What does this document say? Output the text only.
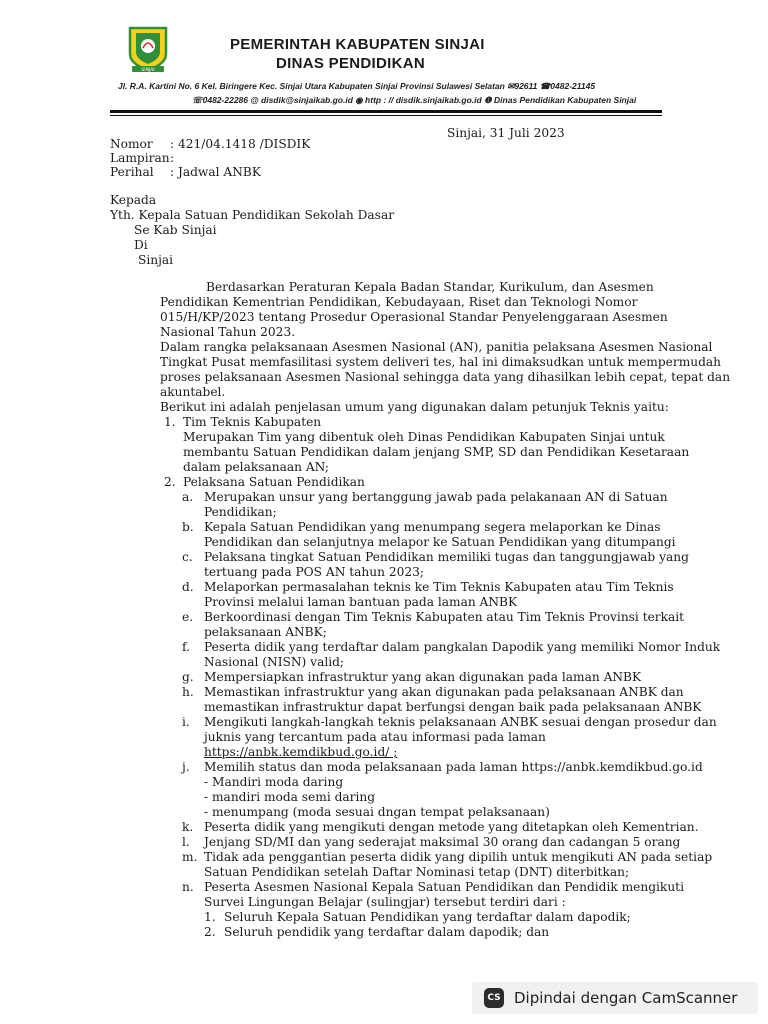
SINJAI
PEMERINTAH KABUPATEN SINJAI
DINAS PENDIDIKAN
Jl. R.A. Kartini No. 6 Kel. Biringere Kec. Sinjai Utara Kabupaten Sinjai Provinsi Sulawesi Selatan ✉92611 ☎0482-21145
☏0482-22286 @ disdik@sinjaikab.go.id ◉ http : // disdik.sinjaikab.go.id ❶ Dinas Pendidikan Kabupaten Sinjai
Sinjai, 31 Juli 2023
Nomor : 421/04.1418 /DISDIK
Lampiran :
Perihal : Jadwal ANBK
Kepada
Yth. Kepala Satuan Pendidikan Sekolah Dasar
Se Kab Sinjai
Di
Sinjai
Berdasarkan Peraturan Kepala Badan Standar, Kurikulum, dan Asesmen
Pendidikan Kementrian Pendidikan, Kebudayaan, Riset dan Teknologi Nomor
015/H/KP/2023 tentang Prosedur Operasional Standar Penyelenggaraan Asesmen
Nasional Tahun 2023.
Dalam rangka pelaksanaan Asesmen Nasional (AN), panitia pelaksana Asesmen Nasional
Tingkat Pusat memfasilitasi system deliveri tes, hal ini dimaksudkan untuk mempermudah
proses pelaksanaan Asesmen Nasional sehingga data yang dihasilkan lebih cepat, tepat dan
akuntabel.
Berikut ini adalah penjelasan umum yang digunakan dalam petunjuk Teknis yaitu:
1. Tim Teknis Kabupaten
Merupakan Tim yang dibentuk oleh Dinas Pendidikan Kabupaten Sinjai untuk
membantu Satuan Pendidikan dalam jenjang SMP, SD dan Pendidikan Kesetaraan
dalam pelaksanaan AN;
2. Pelaksana Satuan Pendidikan
a. Merupakan unsur yang bertanggung jawab pada pelakanaan AN di Satuan
Pendidikan;
b. Kepala Satuan Pendidikan yang menumpang segera melaporkan ke Dinas
Pendidikan dan selanjutnya melapor ke Satuan Pendidikan yang ditumpangi
c. Pelaksana tingkat Satuan Pendidikan memiliki tugas dan tanggungjawab yang
tertuang pada POS AN tahun 2023;
d. Melaporkan permasalahan teknis ke Tim Teknis Kabupaten atau Tim Teknis
Provinsi melalui laman bantuan pada laman ANBK
e. Berkoordinasi dengan Tim Teknis Kabupaten atau Tim Teknis Provinsi terkait
pelaksanaan ANBK;
f. Peserta didik yang terdaftar dalam pangkalan Dapodik yang memiliki Nomor Induk
Nasional (NISN) valid;
g. Mempersiapkan infrastruktur yang akan digunakan pada laman ANBK
h. Memastikan infrastruktur yang akan digunakan pada pelaksanaan ANBK dan
memastikan infrastruktur dapat berfungsi dengan baik pada pelaksanaan ANBK
i. Mengikuti langkah-langkah teknis pelaksanaan ANBK sesuai dengan prosedur dan
juknis yang tercantum pada atau informasi pada laman
https://anbk.kemdikbud.go.id/ ;
j. Memilih status dan moda pelaksanaan pada laman https://anbk.kemdikbud.go.id
- Mandiri moda daring
- mandiri moda semi daring
- menumpang (moda sesuai dngan tempat pelaksanaan)
k. Peserta didik yang mengikuti dengan metode yang ditetapkan oleh Kementrian.
l. Jenjang SD/MI dan yang sederajat maksimal 30 orang dan cadangan 5 orang
m. Tidak ada penggantian peserta didik yang dipilih untuk mengikuti AN pada setiap
Satuan Pendidikan setelah Daftar Nominasi tetap (DNT) diterbitkan;
n. Peserta Asesmen Nasional Kepala Satuan Pendidikan dan Pendidik mengikuti
Survei Lingungan Belajar (sulingjar) tersebut terdiri dari :
1. Seluruh Kepala Satuan Pendidikan yang terdaftar dalam dapodik;
2. Seluruh pendidik yang terdaftar dalam dapodik; dan
CS Dipindai dengan CamScanner
